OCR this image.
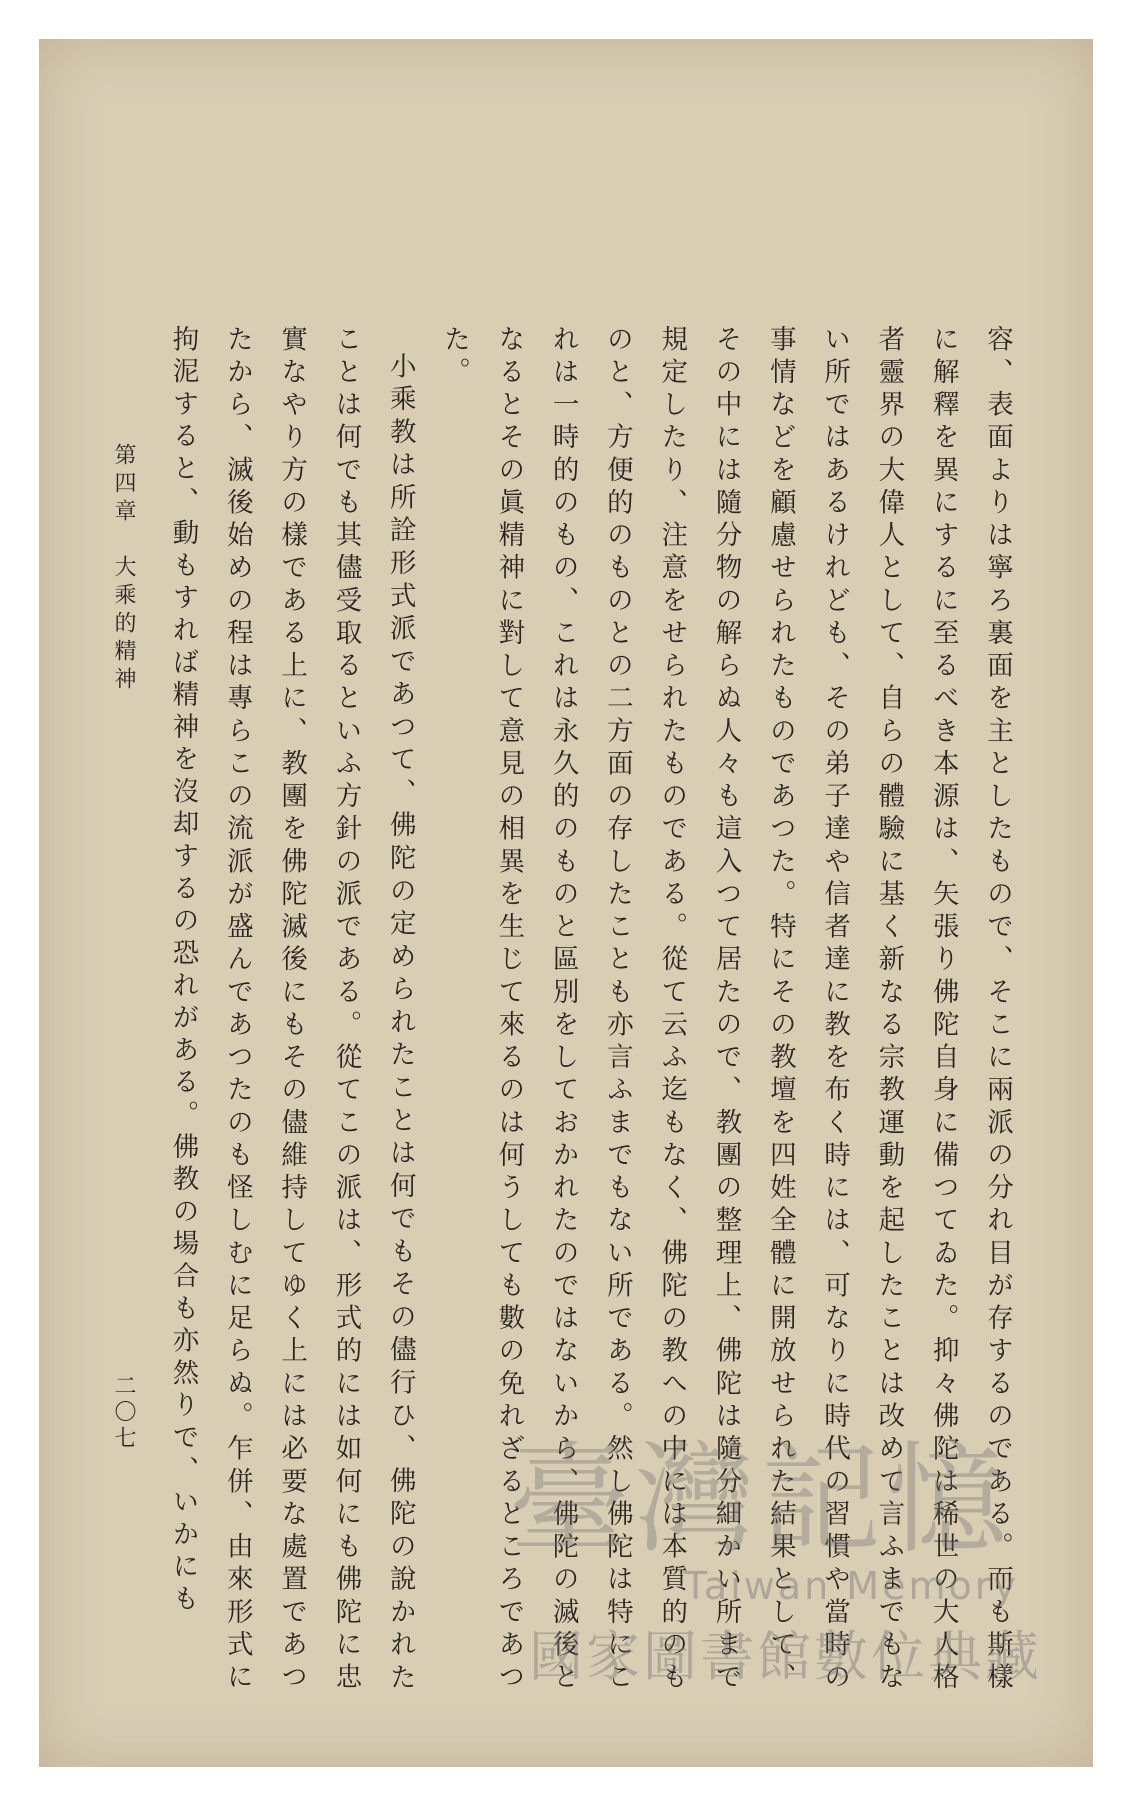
容、表面よりは寧ろ裏面を主としたもので、そこに兩派の分れ目が存するのである。而も斯樣に解釋を異にするに至るべき本源は、矢張り佛陀自身に備つてゐた。抑々佛陀は稀世の大人格者靈界の大偉人として、自らの體驗に基く新なる宗教運動を起したことは改めて言ふまでもない所ではあるけれども、その弟子達や信者達に教を布く時には、可なりに時代の習慣や當時の事情などを顧慮せられたものであつた。特にその教壇を四姓全體に開放せられた結果として、その中には隨分物の解らぬ人々も這入つて居たので、教團の整理上、佛陀は隨分細かい所まで規定したり、注意をせられたものである。從て云ふ迄もなく、佛陀の教への中には本質的のものと、方便的のものとの二方面の存したことも亦言ふまでもない所である。然し佛陀は特にこれは一時的のもの、これは永久的のものと區別をしておかれたのではないから、佛陀の滅後となるとその眞精神に對して意見の相異を生じて來るのは何うしても數の免れざるところであつた。

小乘教は所詮形式派であつて、佛陀の定められたことは何でもその儘行ひ、佛陀の說かれたことは何でも其儘受取るといふ方針の派である。從てこの派は、形式的には如何にも佛陀に忠實なやり方の樣である上に、教團を佛陀滅後にもその儘維持してゆく上には必要な處置であつたから、滅後始めの程は專らこの流派が盛んであつたのも怪しむに足らぬ。乍併、由來形式に拘泥すると、動もすれば精神を沒却するの恐れがある。佛教の場合も亦然りで、いかにも

第四章　大乘的精神
二〇七
臺灣記憶
Taiwan Memory
國家圖書館數位典藏
